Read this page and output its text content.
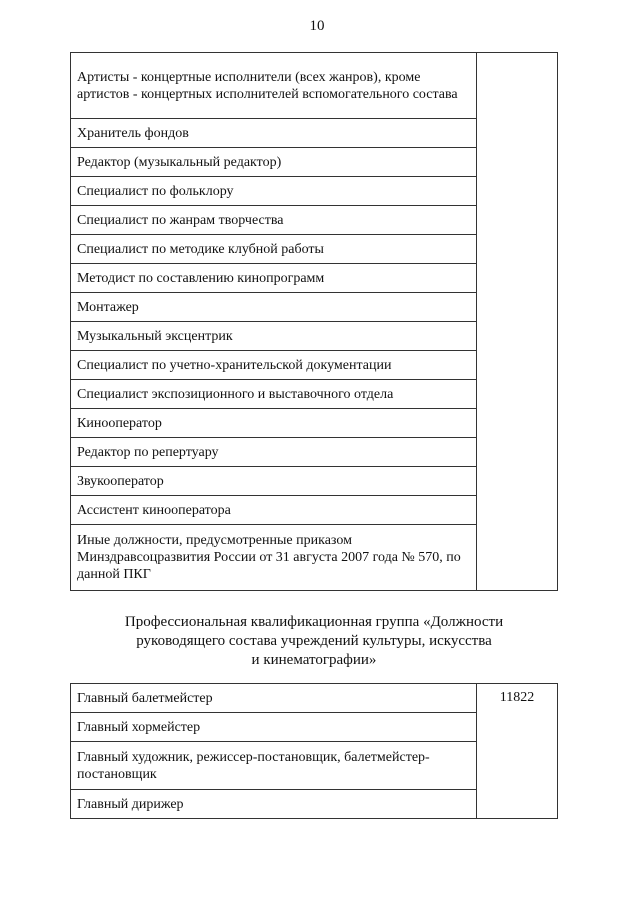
10
Артисты - концертные исполнители (всех жанров), кроме артистов - концертных исполнителей вспомогательного состава	
Хранитель фондов
Редактор (музыкальный редактор)
Специалист по фольклору
Специалист по жанрам творчества
Специалист по методике клубной работы
Методист по составлению кинопрограмм
Монтажер
Музыкальный эксцентрик
Специалист по учетно-хранительской документации
Специалист экспозиционного и выставочного отдела
Кинооператор
Редактор по репертуару
Звукооператор
Ассистент кинооператора
Иные должности, предусмотренные приказом Минздравсоцразвития России от 31 августа 2007 года № 570, по данной ПКГ
Профессиональная квалификационная группа «Должности
руководящего состава учреждений культуры, искусства
и кинематографии»
Главный балетмейстер	11822
Главный хормейстер
Главный художник, режиссер-постановщик, балетмейстер-постановщик
Главный дирижер
